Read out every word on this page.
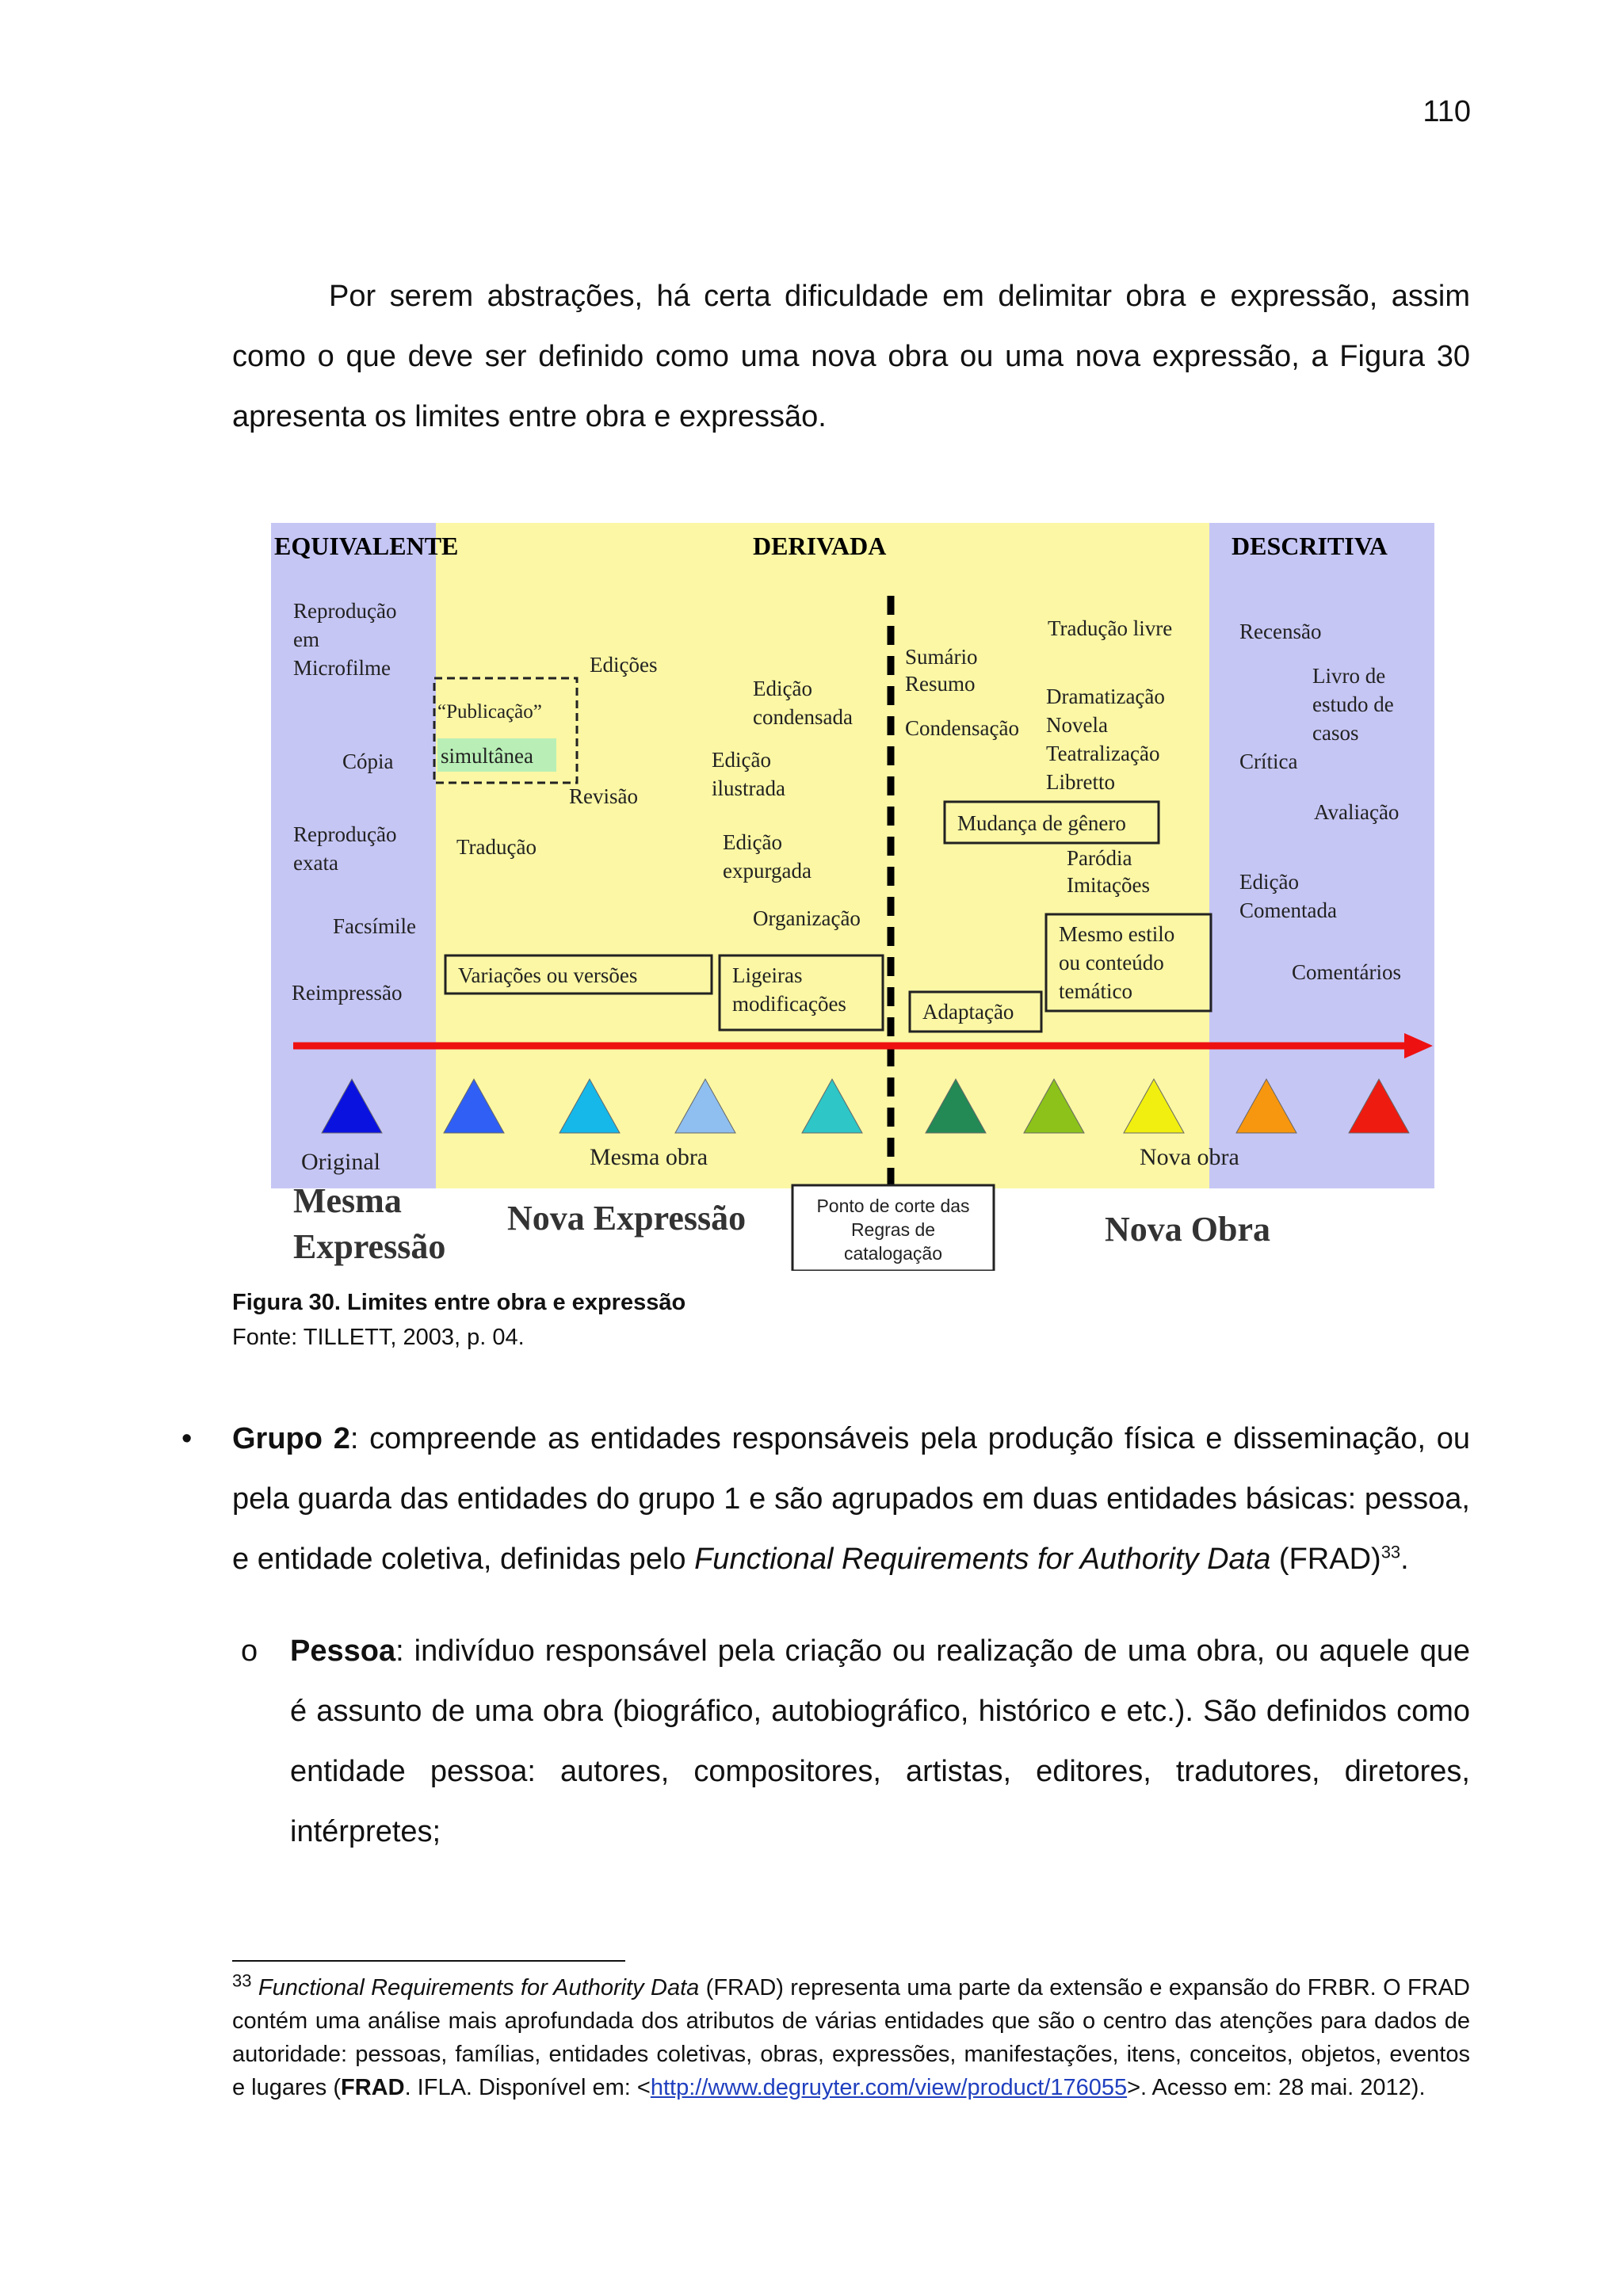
110

Por serem abstrações, há certa dificuldade em delimitar obra e expressão, assim como o que deve ser definido como uma nova obra ou uma nova expressão, a Figura 30 apresenta os limites entre obra e expressão.

EQUIVALENTE	DERIVADA	DESCRITIVA
Reprodução
em
Microfilme
Cópia
Reprodução
exata
Facsímile
Reimpressão
“Publicação”
simultânea
Edições
Revisão
Tradução
Edição
condensada
Edição
ilustrada
Edição
expurgada
Organização
Variações ou versões	Ligeiras
modificações
Sumário
Resumo
Condensação
Tradução livre
Dramatização
Novela
Teatralização
Libretto
Mudança de gênero
Paródia
Imitações
Mesmo estilo
ou conteúdo
temático
Adaptação
Recensão
Livro de
estudo de
casos
Crítica
Avaliação
Edição
Comentada
Comentários
Original	Mesma obra	Nova obra
Mesma
Expressão
Nova Expressão	Nova Obra
Ponto de corte das
Regras de
catalogação
Figura 30. Limites entre obra e expressão
Fonte: TILLETT, 2003, p. 04.
• Grupo 2: compreende as entidades responsáveis pela produção física e disseminação, ou pela guarda das entidades do grupo 1 e são agrupados em duas entidades básicas: pessoa, e entidade coletiva, definidas pelo Functional Requirements for Authority Data (FRAD)$^{33}$.
o Pessoa: indivíduo responsável pela criação ou realização de uma obra, ou aquele que é assunto de uma obra (biográfico, autobiográfico, histórico e etc.). São definidos como entidade pessoa: autores, compositores, artistas, editores, tradutores, diretores, intérpretes;
$^{33}$ Functional Requirements for Authority Data (FRAD) representa uma parte da extensão e expansão do FRBR. O FRAD contém uma análise mais aprofundada dos atributos de várias entidades que são o centro das atenções para dados de autoridade: pessoas, famílias, entidades coletivas, obras, expressões, manifestações, itens, conceitos, objetos, eventos e lugares (FRAD. IFLA. Disponível em: <http://www.degruyter.com/view/product/176055>. Acesso em: 28 mai. 2012).
